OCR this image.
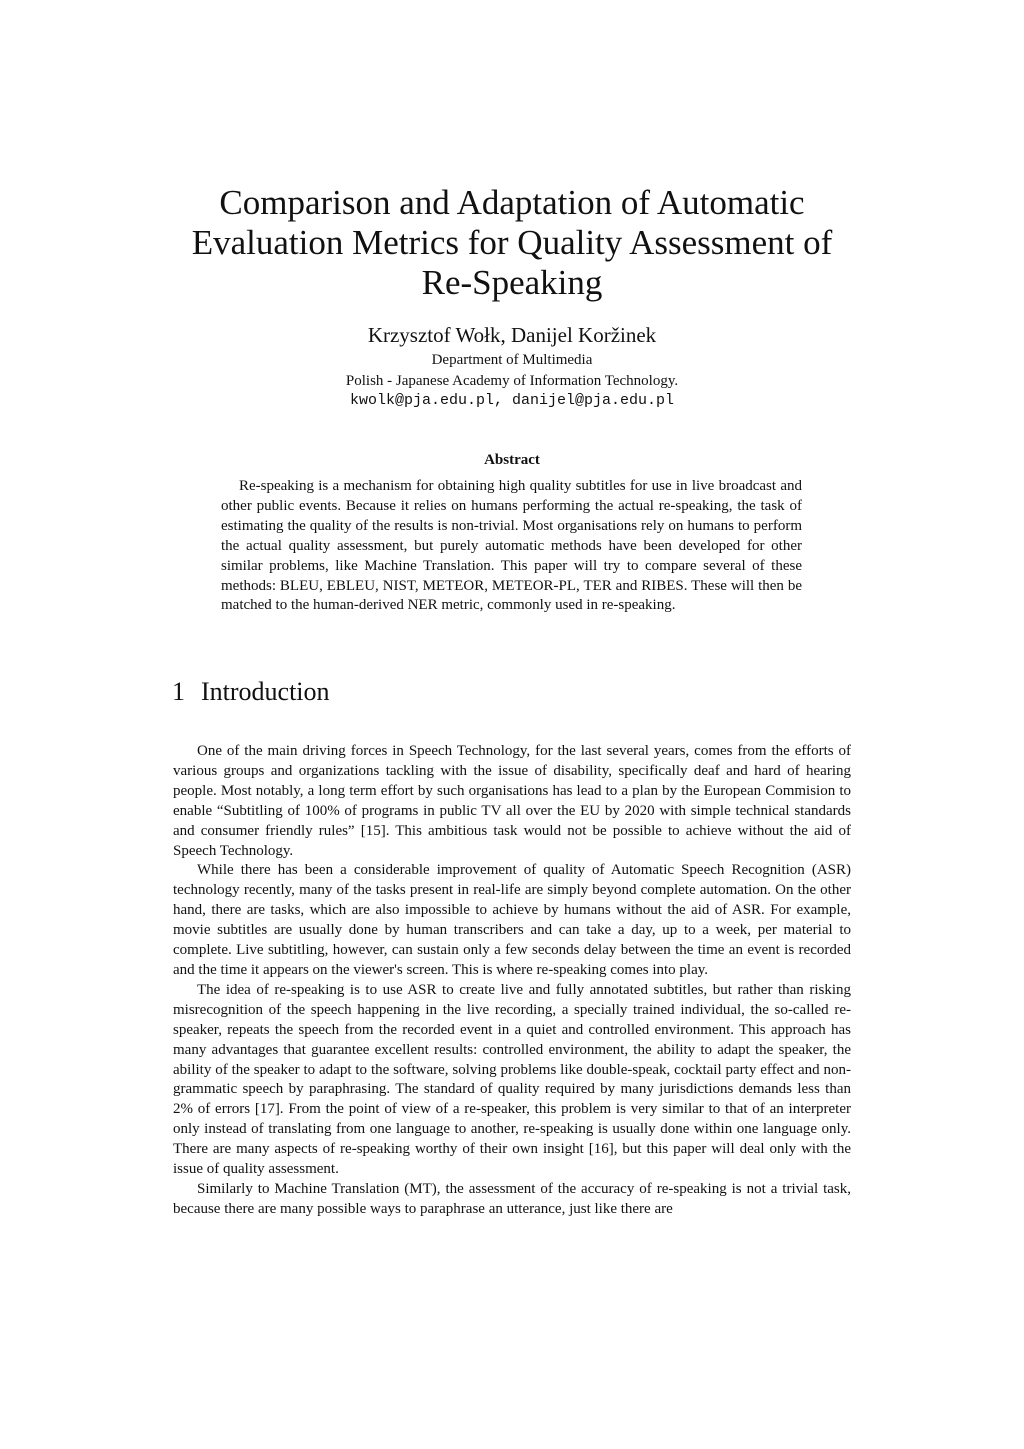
Comparison and Adaptation of Automatic
Evaluation Metrics for Quality Assessment of
Re-Speaking
Krzysztof Wołk, Danijel Koržinek
Department of Multimedia
Polish - Japanese Academy of Information Technology.
kwolk@pja.edu.pl, danijel@pja.edu.pl
Abstract

Re-speaking is a mechanism for obtaining high quality subtitles for use in live broadcast and other public events. Because it relies on humans performing the actual re-speaking, the task of estimating the quality of the results is non-trivial. Most organisations rely on humans to perform the actual quality assessment, but purely automatic methods have been developed for other similar problems, like Machine Translation. This paper will try to compare several of these methods: BLEU, EBLEU, NIST, METEOR, METEOR-PL, TER and RIBES. These will then be matched to the human-derived NER metric, commonly used in re-speaking.

1 Introduction

One of the main driving forces in Speech Technology, for the last several years, comes from the efforts of various groups and organizations tackling with the issue of disability, specifically deaf and hard of hearing people. Most notably, a long term effort by such organisations has lead to a plan by the European Commision to enable “Subtitling of 100% of programs in public TV all over the EU by 2020 with simple technical standards and consumer friendly rules” [15]. This ambitious task would not be possible to achieve without the aid of Speech Technology.

While there has been a considerable improvement of quality of Automatic Speech Recognition (ASR) technology recently, many of the tasks present in real-life are simply beyond complete automation. On the other hand, there are tasks, which are also impossible to achieve by humans without the aid of ASR. For example, movie subtitles are usually done by human transcribers and can take a day, up to a week, per material to complete. Live subtitling, however, can sustain only a few seconds delay between the time an event is recorded and the time it appears on the viewer's screen. This is where re-speaking comes into play.

The idea of re-speaking is to use ASR to create live and fully annotated subtitles, but rather than risking misrecognition of the speech happening in the live recording, a specially trained individual, the so-called re-speaker, repeats the speech from the recorded event in a quiet and controlled environment. This approach has many advantages that guarantee excellent results: controlled environment, the ability to adapt the speaker, the ability of the speaker to adapt to the software, solving problems like double-speak, cocktail party effect and non-grammatic speech by paraphrasing. The standard of quality required by many jurisdictions demands less than 2% of errors [17]. From the point of view of a re-speaker, this problem is very similar to that of an interpreter only instead of translating from one language to another, re-speaking is usually done within one language only. There are many aspects of re-speaking worthy of their own insight [16], but this paper will deal only with the issue of quality assessment.

Similarly to Machine Translation (MT), the assessment of the accuracy of re-speaking is not a trivial task, because there are many possible ways to paraphrase an utterance, just like there are
